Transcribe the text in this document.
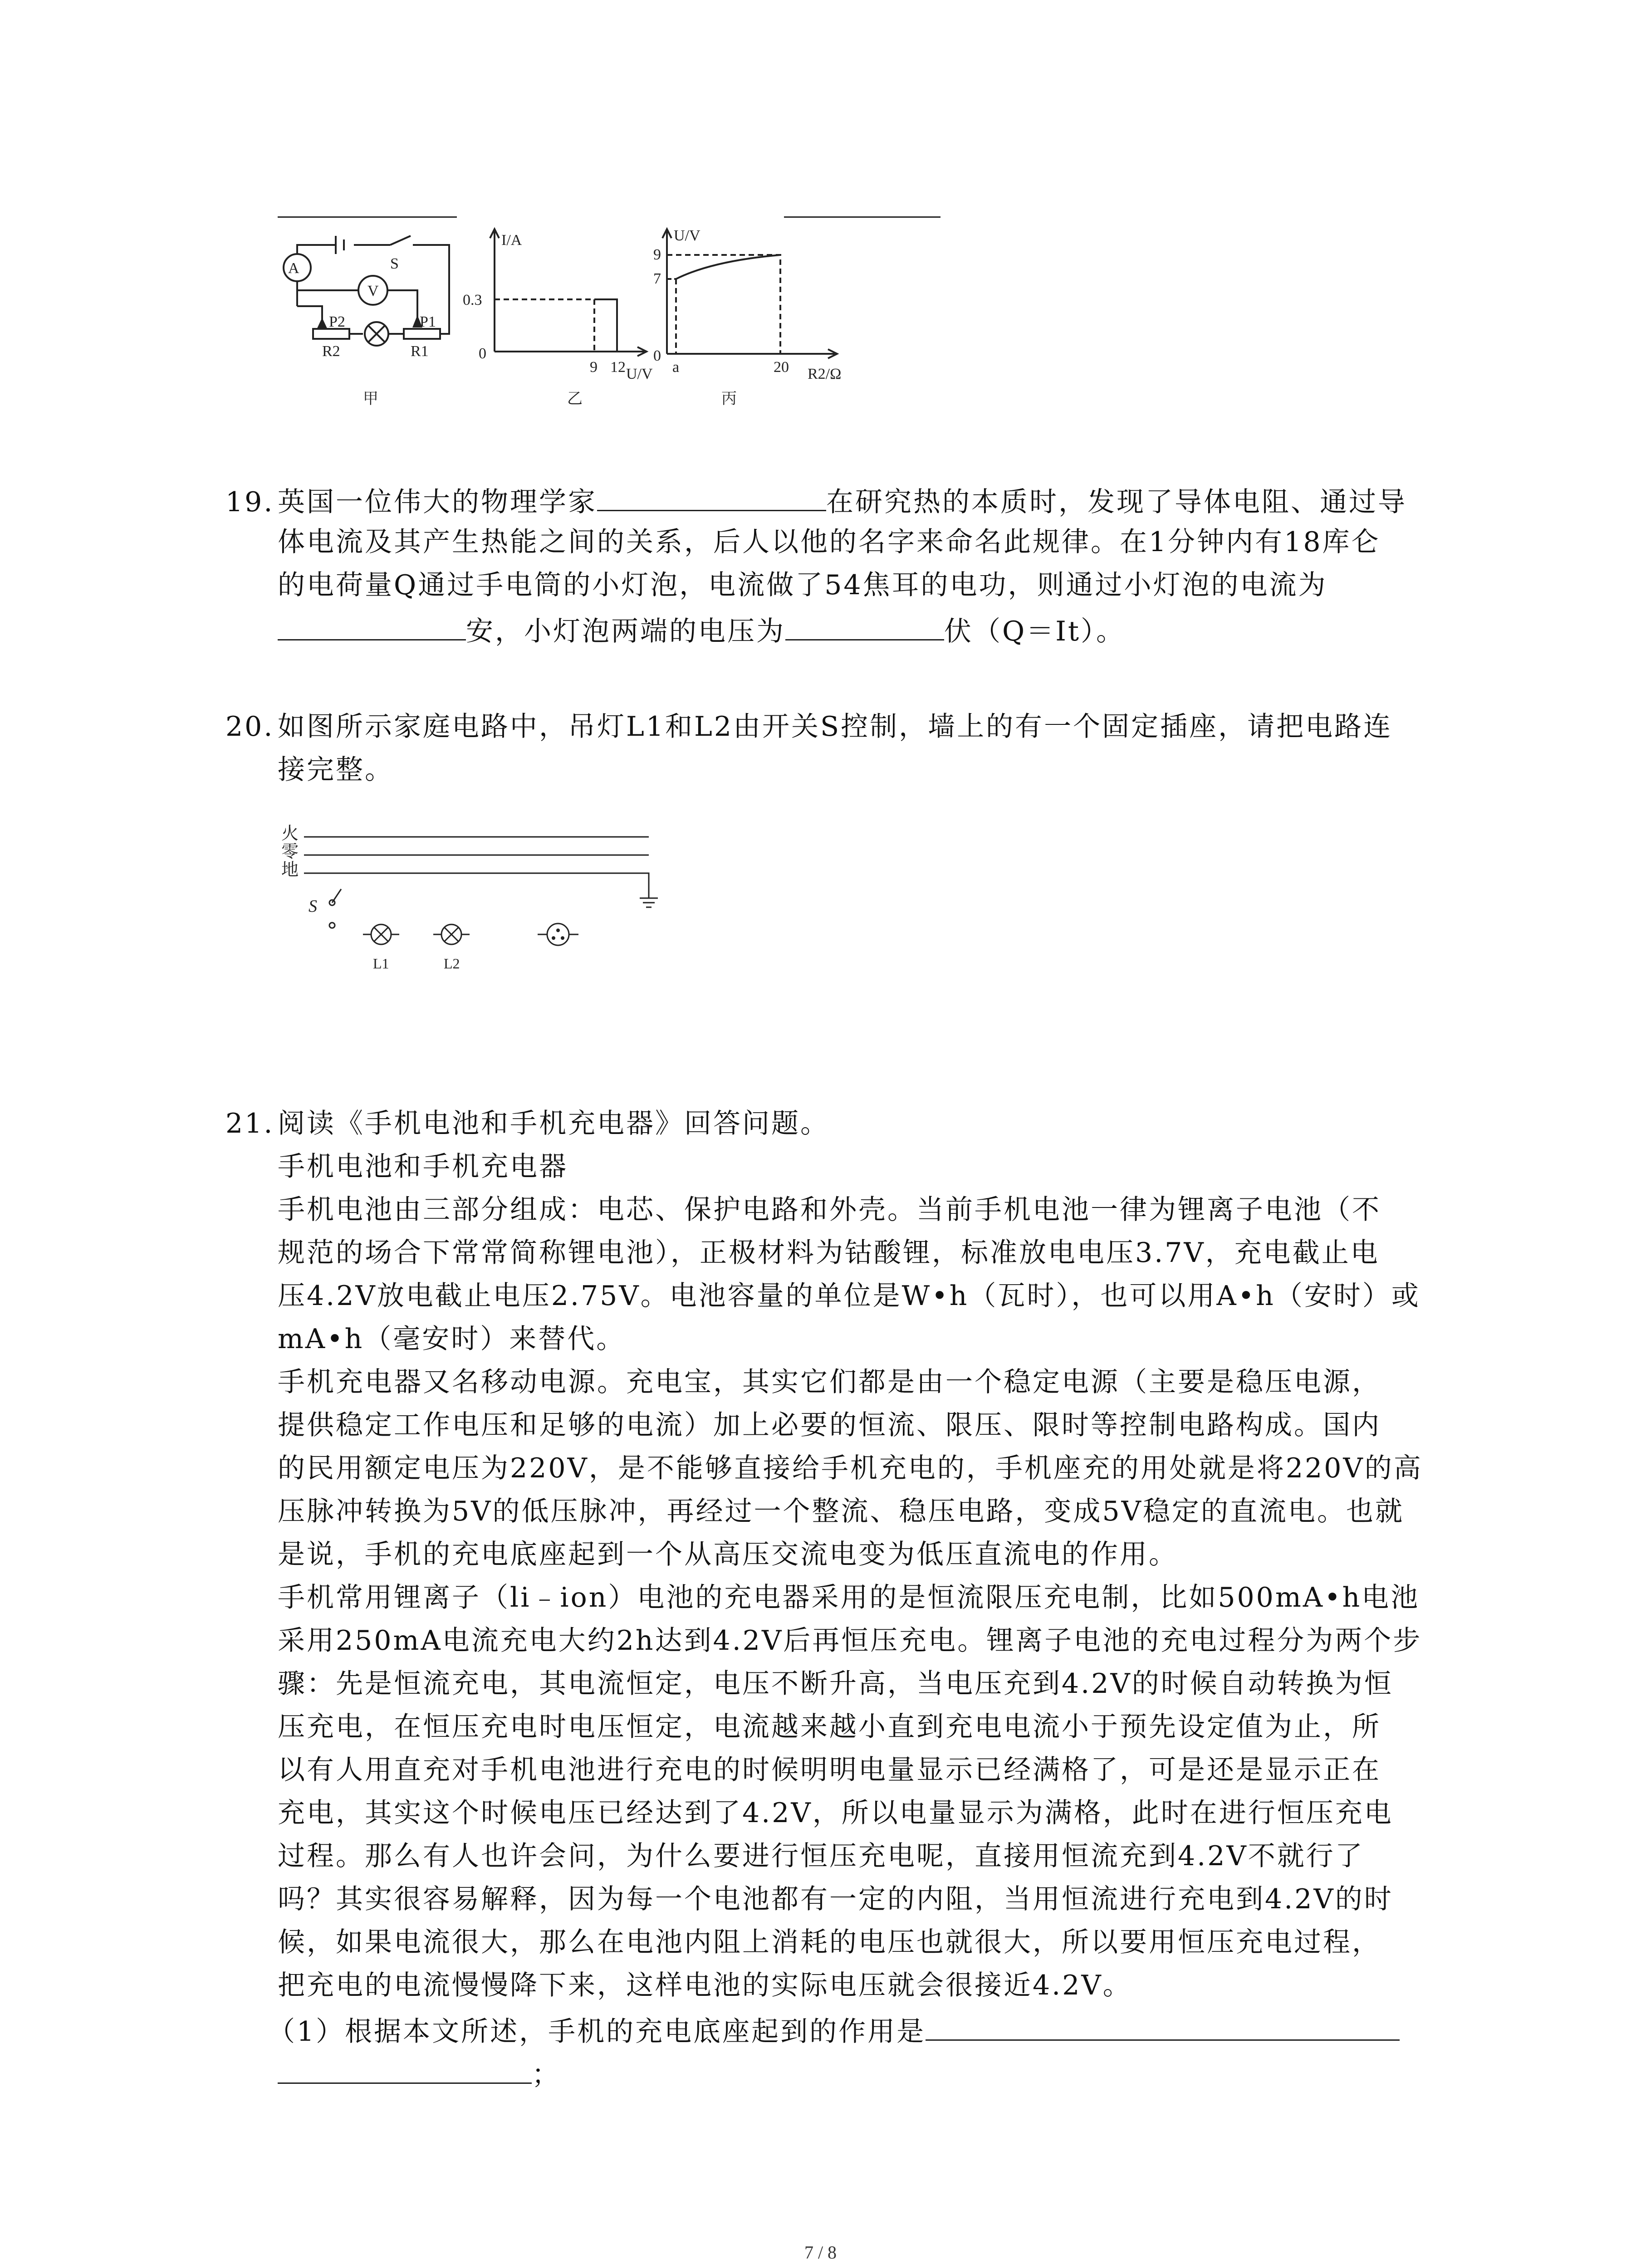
A
V
S
P1
P2
R1
R2
甲
I/A
U/V
0.3
9 12
0
乙
U/V
R2/Ω
9
7
0
a	20
丙
19. 英国一位伟大的物理学家	在研究热的本质时，发现了导体电阻、通过导
体电流及其产生热能之间的关系，后人以他的名字来命名此规律。在1分钟内有18库仑
的电荷量Q通过手电筒的小灯泡，电流做了54焦耳的电功，则通过小灯泡的电流为
安，小灯泡两端的电压为	伏（Q＝It）。
20. 如图所示家庭电路中，吊灯L1和L2由开关S控制，墙上的有一个固定插座，请把电路连
接完整。
火
零
地
S
L1	L2
21. 阅读《手机电池和手机充电器》回答问题。
手机电池和手机充电器
手机电池由三部分组成：电芯、保护电路和外壳。当前手机电池一律为锂离子电池（不
规范的场合下常常简称锂电池），正极材料为钴酸锂，标准放电电压3.7V，充电截止电
压4.2V放电截止电压2.75V。电池容量的单位是W•h（瓦时），也可以用A•h（安时）或
mA•h（毫安时）来替代。
手机充电器又名移动电源。充电宝，其实它们都是由一个稳定电源（主要是稳压电源，
提供稳定工作电压和足够的电流）加上必要的恒流、限压、限时等控制电路构成。国内
的民用额定电压为220V，是不能够直接给手机充电的，手机座充的用处就是将220V的高
压脉冲转换为5V的低压脉冲，再经过一个整流、稳压电路，变成5V稳定的直流电。也就
是说，手机的充电底座起到一个从高压交流电变为低压直流电的作用。
手机常用锂离子（li﹣ion）电池的充电器采用的是恒流限压充电制，比如500mA•h电池
采用250mA电流充电大约2h达到4.2V后再恒压充电。锂离子电池的充电过程分为两个步
骤：先是恒流充电，其电流恒定，电压不断升高，当电压充到4.2V的时候自动转换为恒
压充电，在恒压充电时电压恒定，电流越来越小直到充电电流小于预先设定值为止，所
以有人用直充对手机电池进行充电的时候明明电量显示已经满格了，可是还是显示正在
充电，其实这个时候电压已经达到了4.2V，所以电量显示为满格，此时在进行恒压充电
过程。那么有人也许会问，为什么要进行恒压充电呢，直接用恒流充到4.2V不就行了
吗？其实很容易解释，因为每一个电池都有一定的内阻，当用恒流进行充电到4.2V的时
候，如果电流很大，那么在电池内阻上消耗的电压也就很大，所以要用恒压充电过程，
把充电的电流慢慢降下来，这样电池的实际电压就会很接近4.2V。
（1）根据本文所述，手机的充电底座起到的作用是
；
7 / 8
